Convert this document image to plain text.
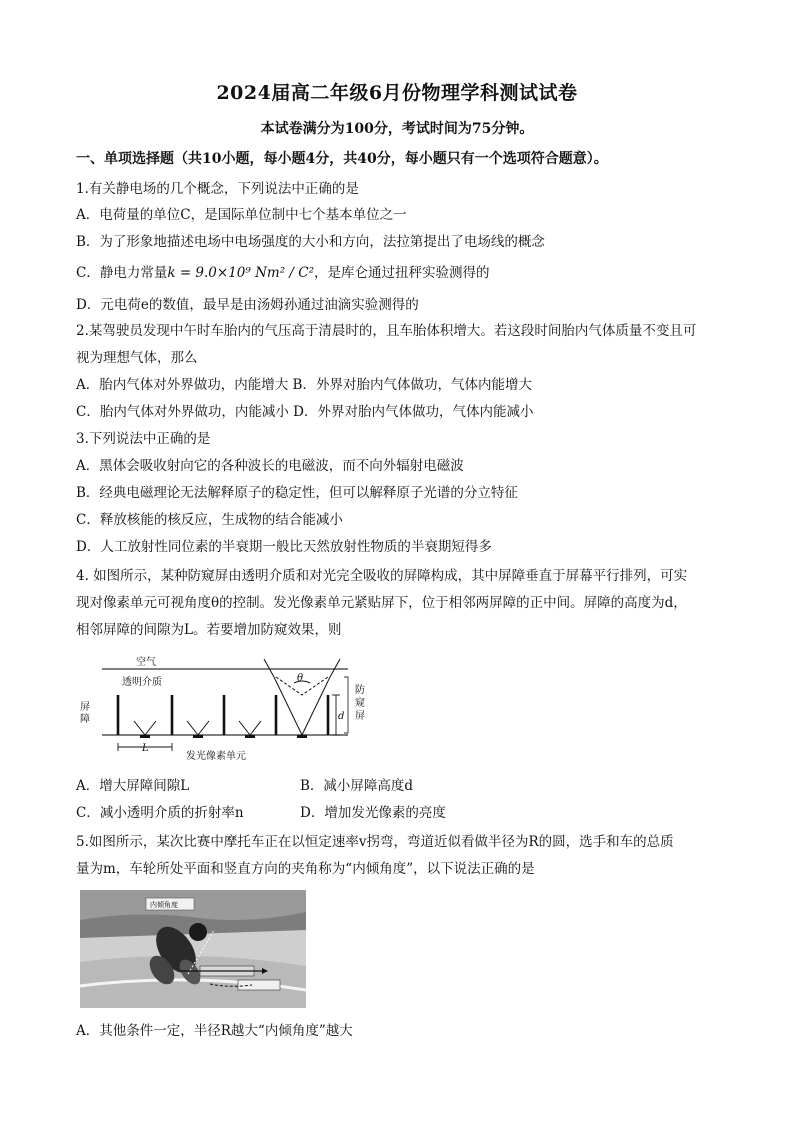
2024届高二年级6月份物理学科测试试卷
本试卷满分为100分，考试时间为75分钟。
一、单项选择题（共10小题，每小题4分，共40分，每小题只有一个选项符合题意）。
1.有关静电场的几个概念，下列说法中正确的是
A．电荷量的单位C，是国际单位制中七个基本单位之一
B．为了形象地描述电场中电场强度的大小和方向，法拉第提出了电场线的概念
C．静电力常量k = 9.0×10⁹ Nm² / C²，是库仑通过扭秤实验测得的
D．元电荷e的数值，最早是由汤姆孙通过油滴实验测得的
2.某驾驶员发现中午时车胎内的气压高于清晨时的，且车胎体积增大。若这段时间胎内气体质量不变且可
视为理想气体，那么
A．胎内气体对外界做功，内能增大 B．外界对胎内气体做功，气体内能增大
C．胎内气体对外界做功，内能减小 D．外界对胎内气体做功，气体内能减小
3.下列说法中正确的是
A．黑体会吸收射向它的各种波长的电磁波，而不向外辐射电磁波
B．经典电磁理论无法解释原子的稳定性，但可以解释原子光谱的分立特征
C．释放核能的核反应，生成物的结合能减小
D．人工放射性同位素的半衰期一般比天然放射性物质的半衰期短得多
4. 如图所示，某种防窥屏由透明介质和对光完全吸收的屏障构成，其中屏障垂直于屏幕平行排列，可实
现对像素单元可视角度θ的控制。发光像素单元紧贴屏下，位于相邻两屏障的正中间。屏障的高度为d，
相邻屏障的间隙为L。若要增加防窥效果，则
空气
透明介质	θ
d
L
发光像素单元
屏障
防窥屏
A．增大屏障间隙L	B．减小屏障高度d
C．减小透明介质的折射率n	D．增加发光像素的亮度
5.如图所示，某次比赛中摩托车正在以恒定速率v拐弯，弯道近似看做半径为R的圆，选手和车的总质
量为m，车轮所处平面和竖直方向的夹角称为“内倾角度”，以下说法正确的是
内倾角度
A．其他条件一定，半径R越大“内倾角度”越大
